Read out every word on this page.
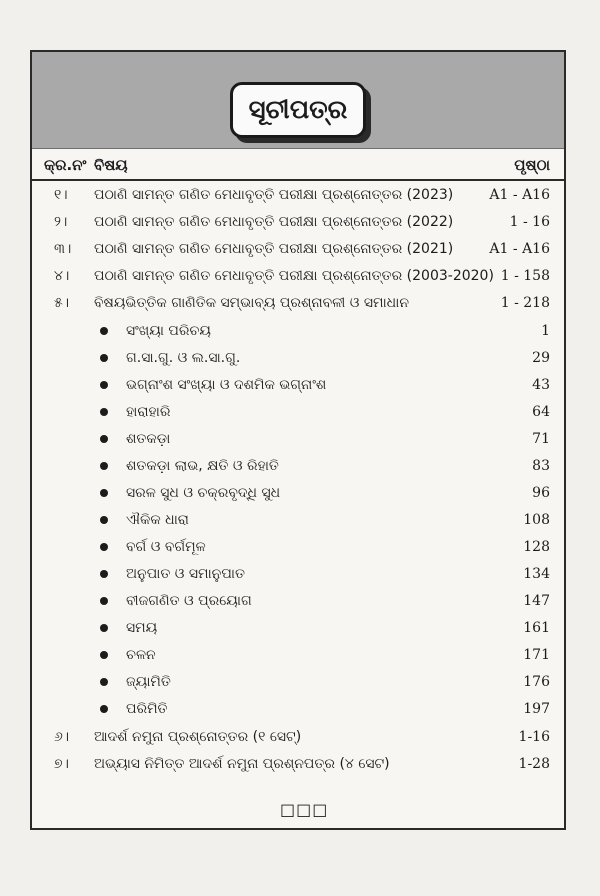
ସୂଚୀପତ୍ର
କ୍ର.ନଂ ବିଷୟ	ପୃଷ୍ଠା
୧।	ପଠାଣି ସାମନ୍ତ ଗଣିତ ମେଧାବୃତ୍ତି ପରୀକ୍ଷା ପ୍ରଶ୍ନୋତ୍ତର (2023)	A1 - A16
୨।	ପଠାଣି ସାମନ୍ତ ଗଣିତ ମେଧାବୃତ୍ତି ପରୀକ୍ଷା ପ୍ରଶ୍ନୋତ୍ତର (2022)	1 - 16
୩।	ପଠାଣି ସାମନ୍ତ ଗଣିତ ମେଧାବୃତ୍ତି ପରୀକ୍ଷା ପ୍ରଶ୍ନୋତ୍ତର (2021)	A1 - A16
୪।	ପଠାଣି ସାମନ୍ତ ଗଣିତ ମେଧାବୃତ୍ତି ପରୀକ୍ଷା ପ୍ରଶ୍ନୋତ୍ତର (2003-2020) 1 - 158
୫।	ବିଷୟଭିତ୍ତିକ ଗାଣିତିକ ସମ୍ଭାବ୍ୟ ପ୍ରଶ୍ନାବଳୀ ଓ ସମାଧାନ	1 - 218
ସଂଖ୍ୟା ପରିଚୟ	1
ଗ.ସା.ଗୁ. ଓ ଲ.ସା.ଗୁ.	29
ଭଗ୍ନାଂଶ ସଂଖ୍ୟା ଓ ଦଶମିକ ଭଗ୍ନାଂଶ	43
ହାରାହାରି	64
ଶତକଡ଼ା	71
ଶତକଡ଼ା ଲାଭ, କ୍ଷତି ଓ ରିହାତି	83
ସରଳ ସୁଧ ଓ ଚକ୍ରବୃଦ୍ଧି ସୁଧ	96
ଐକିକ ଧାରା	108
ବର୍ଗ ଓ ବର୍ଗମୂଳ	128
ଅନୁପାତ ଓ ସମାନୁପାତ	134
ବୀଜଗଣିତ ଓ ପ୍ରୟୋଗ	147
ସମୟ	161
ଚଳନ	171
ଜ୍ୟାମିତି	176
ପରିମିତି	197
୬।	ଆଦର୍ଶ ନମୁନା ପ୍ରଶ୍ନୋତ୍ତର (୧ ସେଟ୍)	1-16
୭।	ଅଭ୍ୟାସ ନିମିତ୍ତ ଆଦର୍ଶ ନମୁନା ପ୍ରଶ୍ନପତ୍ର (୪ ସେଟ)	1-28
□□□
